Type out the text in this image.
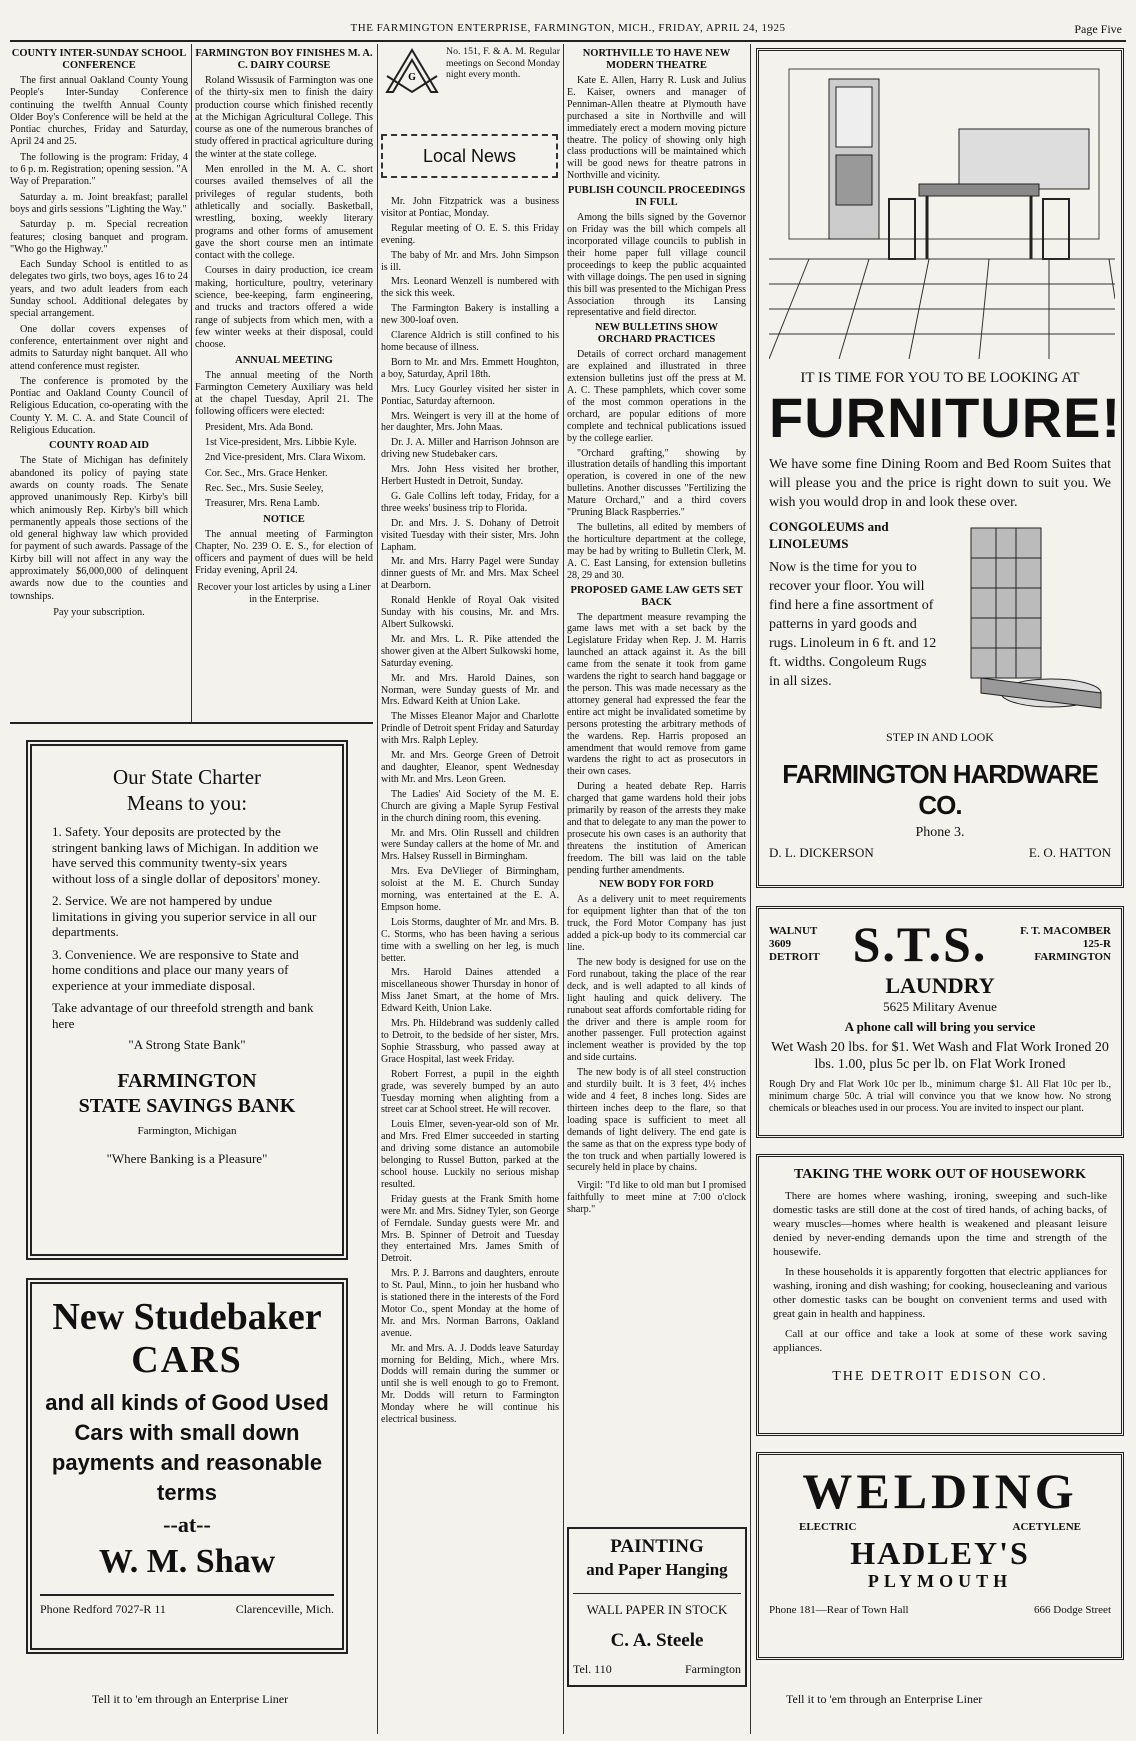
THE FARMINGTON ENTERPRISE, FARMINGTON, MICH., FRIDAY, APRIL 24, 1925	Page Five
COUNTY INTER-SUNDAY SCHOOL CONFERENCE

The first annual Oakland County Young People's Inter-Sunday Conference continuing the twelfth Annual County Older Boy's Conference will be held at the Pontiac churches, Friday and Saturday, April 24 and 25.

The following is the program: Friday, 4 to 6 p. m. Registration; opening session. "A Way of Preparation."

Saturday a. m. Joint breakfast; parallel boys and girls sessions "Lighting the Way."

Saturday p. m. Special recreation features; closing banquet and program. "Who go the Highway."

Each Sunday School is entitled to as delegates two girls, two boys, ages 16 to 24 years, and two adult leaders from each Sunday school. Additional delegates by special arrangement.

One dollar covers expenses of conference, entertainment over night and admits to Saturday night banquet. All who attend conference must register.

The conference is promoted by the Pontiac and Oakland County Council of Religious Education, co-operating with the County Y. M. C. A. and State Council of Religious Education.

COUNTY ROAD AID

The State of Michigan has definitely abandoned its policy of paying state awards on county roads. The Senate approved unanimously Rep. Kirby's bill which animously Rep. Kirby's bill which permanently appeals those sections of the old general highway law which provided for payment of such awards. Passage of the Kirby bill will not affect in any way the approximately $6,000,000 of delinquent awards now due to the counties and townships.

Pay your subscription.

FARMINGTON BOY FINISHES M. A. C. DAIRY COURSE

Roland Wissusik of Farmington was one of the thirty-six men to finish the dairy production course which finished recently at the Michigan Agricultural College. This course as one of the numerous branches of study offered in practical agriculture during the winter at the state college.

Men enrolled in the M. A. C. short courses availed themselves of all the privileges of regular students, both athletically and socially. Basketball, wrestling, boxing, weekly literary programs and other forms of amusement gave the short course men an intimate contact with the college.

Courses in dairy production, ice cream making, horticulture, poultry, veterinary science, bee-keeping, farm engineering, and trucks and tractors offered a wide range of subjects from which men, with a few winter weeks at their disposal, could choose.

ANNUAL MEETING

The annual meeting of the North Farmington Cemetery Auxiliary was held at the chapel Tuesday, April 21. The following officers were elected:

President, Mrs. Ada Bond.

1st Vice-president, Mrs. Libbie Kyle.

2nd Vice-president, Mrs. Clara Wixom.

Cor. Sec., Mrs. Grace Henker.

Rec. Sec., Mrs. Susie Seeley,

Treasurer, Mrs. Rena Lamb.

NOTICE

The annual meeting of Farmington Chapter, No. 239 O. E. S., for election of officers and payment of dues will be held Friday evening, April 24.

Recover your lost articles by using a Liner in the Enterprise.

Our State Charter
Means to you:
1. Safety. Your deposits are protected by the stringent banking laws of Michigan. In addition we have served this community twenty-six years without loss of a single dollar of depositors' money.
2. Service. We are not hampered by undue limitations in giving you superior service in all our departments.
3. Convenience. We are responsive to State and home conditions and place our many years of experience at your immediate disposal.
Take advantage of our threefold strength and bank here
"A Strong State Bank"
FARMINGTON
STATE SAVINGS BANK
Farmington, Michigan
"Where Banking is a Pleasure"
New Studebaker
CARS
and all kinds of Good Used Cars with small down payments and reasonable terms
--at--
W. M. Shaw
Phone Redford 7027-R 11	Clarenceville, Mich.
Tell it to 'em through an Enterprise Liner
G
No. 151, F. & A. M. Regular meetings on Second Monday night every month.
Local News

Mr. John Fitzpatrick was a business visitor at Pontiac, Monday.

Regular meeting of O. E. S. this Friday evening.

The baby of Mr. and Mrs. John Simpson is ill.

Mrs. Leonard Wenzell is numbered with the sick this week.

The Farmington Bakery is installing a new 300-loaf oven.

Clarence Aldrich is still confined to his home because of illness.

Born to Mr. and Mrs. Emmett Houghton, a boy, Saturday, April 18th.

Mrs. Lucy Gourley visited her sister in Pontiac, Saturday afternoon.

Mrs. Weingert is very ill at the home of her daughter, Mrs. John Maas.

Dr. J. A. Miller and Harrison Johnson are driving new Studebaker cars.

Mrs. John Hess visited her brother, Herbert Hustedt in Detroit, Sunday.

G. Gale Collins left today, Friday, for a three weeks' business trip to Florida.

Dr. and Mrs. J. S. Dohany of Detroit visited Tuesday with their sister, Mrs. John Lapham.

Mr. and Mrs. Harry Pagel were Sunday dinner guests of Mr. and Mrs. Max Scheel at Dearborn.

Ronald Henkle of Royal Oak visited Sunday with his cousins, Mr. and Mrs. Albert Sulkowski.

Mr. and Mrs. L. R. Pike attended the shower given at the Albert Sulkowski home, Saturday evening.

Mr. and Mrs. Harold Daines, son Norman, were Sunday guests of Mr. and Mrs. Edward Keith at Union Lake.

The Misses Eleanor Major and Charlotte Prindle of Detroit spent Friday and Saturday with Mrs. Ralph Lepley.

Mr. and Mrs. George Green of Detroit and daughter, Eleanor, spent Wednesday with Mr. and Mrs. Leon Green.

The Ladies' Aid Society of the M. E. Church are giving a Maple Syrup Festival in the church dining room, this evening.

Mr. and Mrs. Olin Russell and children were Sunday callers at the home of Mr. and Mrs. Halsey Russell in Birmingham.

Mrs. Eva DeVlieger of Birmingham, soloist at the M. E. Church Sunday morning, was entertained at the E. A. Empson home.

Lois Storms, daughter of Mr. and Mrs. B. C. Storms, who has been having a serious time with a swelling on her leg, is much better.

Mrs. Harold Daines attended a miscellaneous shower Thursday in honor of Miss Janet Smart, at the home of Mrs. Edward Keith, Union Lake.

Mrs. Ph. Hildebrand was suddenly called to Detroit, to the bedside of her sister, Mrs. Sophie Strassburg, who passed away at Grace Hospital, last week Friday.

Robert Forrest, a pupil in the eighth grade, was severely bumped by an auto Tuesday morning when alighting from a street car at School street. He will recover.

Louis Elmer, seven-year-old son of Mr. and Mrs. Fred Elmer succeeded in starting and driving some distance an automobile belonging to Russel Button, parked at the school house. Luckily no serious mishap resulted.

Friday guests at the Frank Smith home were Mr. and Mrs. Sidney Tyler, son George of Ferndale. Sunday guests were Mr. and Mrs. B. Spinner of Detroit and Tuesday they entertained Mrs. James Smith of Detroit.

Mrs. P. J. Barrons and daughters, enroute to St. Paul, Minn., to join her husband who is stationed there in the interests of the Ford Motor Co., spent Monday at the home of Mr. and Mrs. Norman Barrons, Oakland avenue.

Mr. and Mrs. A. J. Dodds leave Saturday morning for Belding, Mich., where Mrs. Dodds will remain during the summer or until she is well enough to go to Fremont. Mr. Dodds will return to Farmington Monday where he will continue his electrical business.

NORTHVILLE TO HAVE NEW MODERN THEATRE

Kate E. Allen, Harry R. Lusk and Julius E. Kaiser, owners and manager of Penniman-Allen theatre at Plymouth have purchased a site in Northville and will immediately erect a modern moving picture theatre. The policy of showing only high class productions will be maintained which will be good news for theatre patrons in Northville and vicinity.

PUBLISH COUNCIL PROCEEDINGS IN FULL

Among the bills signed by the Governor on Friday was the bill which compels all incorporated village councils to publish in their home paper full village council proceedings to keep the public acquainted with village doings. The pen used in signing this bill was presented to the Michigan Press Association through its Lansing representative and field director.

NEW BULLETINS SHOW ORCHARD PRACTICES

Details of correct orchard management are explained and illustrated in three extension bulletins just off the press at M. A. C. These pamphlets, which cover some of the most common operations in the orchard, are popular editions of more complete and technical publications issued by the college earlier.

"Orchard grafting," showing by illustration details of handling this important operation, is covered in one of the new bulletins. Another discusses "Fertilizing the Mature Orchard," and a third covers "Pruning Black Raspberries."

The bulletins, all edited by members of the horticulture department at the college, may be had by writing to Bulletin Clerk, M. A. C. East Lansing, for extension bulletins 28, 29 and 30.

PROPOSED GAME LAW GETS SET BACK

The department measure revamping the game laws met with a set back by the Legislature Friday when Rep. J. M. Harris launched an attack against it. As the bill came from the senate it took from game wardens the right to search hand baggage or the person. This was made necessary as the attorney general had expressed the fear the entire act might be invalidated sometime by persons protesting the arbitrary methods of the wardens. Rep. Harris proposed an amendment that would remove from game wardens the right to act as prosecutors in their own cases.

During a heated debate Rep. Harris charged that game wardens hold their jobs primarily by reason of the arrests they make and that to delegate to any man the power to prosecute his own cases is an authority that threatens the institution of American freedom. The bill was laid on the table pending further amendments.

NEW BODY FOR FORD

As a delivery unit to meet requirements for equipment lighter than that of the ton truck, the Ford Motor Company has just added a pick-up body to its commercial car line.

The new body is designed for use on the Ford runabout, taking the place of the rear deck, and is well adapted to all kinds of light hauling and quick delivery. The runabout seat affords comfortable riding for the driver and there is ample room for another passenger. Full protection against inclement weather is provided by the top and side curtains.

The new body is of all steel construction and sturdily built. It is 3 feet, 4½ inches wide and 4 feet, 8 inches long. Sides are thirteen inches deep to the flare, so that loading space is sufficient to meet all demands of light delivery. The end gate is the same as that on the express type body of the ton truck and when partially lowered is securely held in place by chains.

Virgil: "I'd like to old man but I promised faithfully to meet mine at 7:00 o'clock sharp."

PAINTING
and Paper Hanging
WALL PAPER IN STOCK
C. A. Steele
Tel. 110	Farmington
IT IS TIME FOR YOU TO BE LOOKING AT
FURNITURE!
We have some fine Dining Room and Bed Room Suites that will please you and the price is right down to suit you. We wish you would drop in and look these over.
CONGOLEUMS and LINOLEUMS
Now is the time for you to recover your floor. You will find here a fine assortment of patterns in yard goods and rugs. Linoleum in 6 ft. and 12 ft. widths. Congoleum Rugs in all sizes.
STEP IN AND LOOK
FARMINGTON HARDWARE CO.
Phone 3.
D. L. DICKERSON	E. O. HATTON
WALNUT
3609
DETROIT S.T.S.	F. T. MACOMBER
125-R
FARMINGTON
LAUNDRY
5625 Military Avenue
A phone call will bring you service
Wet Wash 20 lbs. for $1. Wet Wash and Flat Work Ironed 20 lbs. 1.00, plus 5c per lb. on Flat Work Ironed
Rough Dry and Flat Work 10c per lb., minimum charge $1. All Flat 10c per lb., minimum charge 50c. A trial will convince you that we know how. No strong chemicals or bleaches used in our process. You are invited to inspect our plant.
TAKING THE WORK OUT OF HOUSEWORK
There are homes where washing, ironing, sweeping and such-like domestic tasks are still done at the cost of tired hands, of aching backs, of weary muscles—homes where health is weakened and pleasant leisure denied by never-ending demands upon the time and strength of the housewife.
In these households it is apparently forgotten that electric appliances for washing, ironing and dish washing; for cooking, housecleaning and various other domestic tasks can be bought on convenient terms and used with great gain in health and happiness.
Call at our office and take a look at some of these work saving appliances.
THE DETROIT EDISON CO.
WELDING
ELECTRIC	ACETYLENE
HADLEY'S
PLYMOUTH
Phone 181—Rear of Town Hall	666 Dodge Street
Tell it to 'em through an Enterprise Liner
